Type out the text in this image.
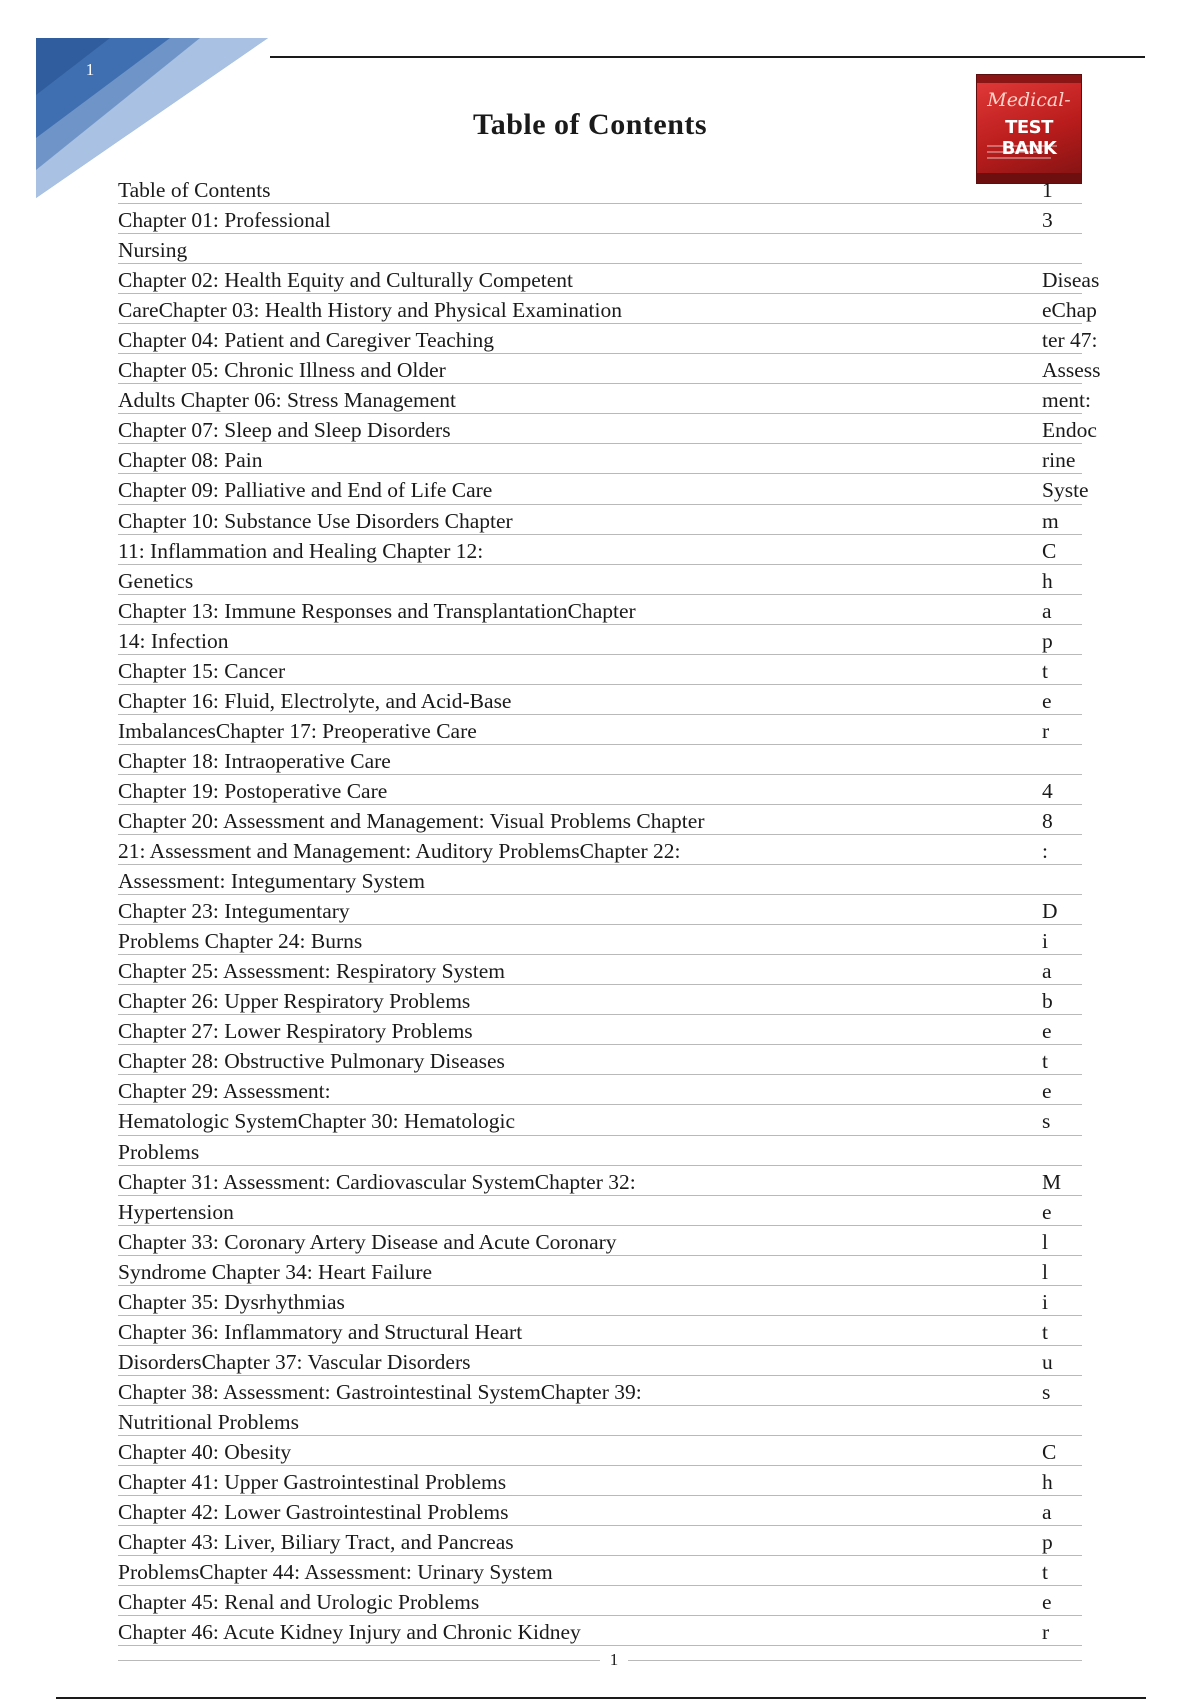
1
Table of Contents
Medical-
TEST BANK
Table of Contents	1
Chapter 01: Professional	3
Nursing
Chapter 02: Health Equity and Culturally Competent	Diseas
CareChapter 03: Health History and Physical Examination	eChap
Chapter 04: Patient and Caregiver Teaching	ter 47:
Chapter 05: Chronic Illness and Older	Assess
Adults Chapter 06: Stress Management	ment:
Chapter 07: Sleep and Sleep Disorders	Endoc
Chapter 08: Pain	rine
Chapter 09: Palliative and End of Life Care	Syste
Chapter 10: Substance Use Disorders Chapter	m
11: Inflammation and Healing Chapter 12:	C
Genetics	h
Chapter 13: Immune Responses and TransplantationChapter	a
14: Infection	p
Chapter 15: Cancer	t
Chapter 16: Fluid, Electrolyte, and Acid-Base	e
ImbalancesChapter 17: Preoperative Care	r
Chapter 18: Intraoperative Care
Chapter 19: Postoperative Care	4
Chapter 20: Assessment and Management: Visual Problems Chapter	8
21: Assessment and Management: Auditory ProblemsChapter 22:	:
Assessment: Integumentary System
Chapter 23: Integumentary	D
Problems Chapter 24: Burns	i
Chapter 25: Assessment: Respiratory System	a
Chapter 26: Upper Respiratory Problems	b
Chapter 27: Lower Respiratory Problems	e
Chapter 28: Obstructive Pulmonary Diseases	t
Chapter 29: Assessment:	e
Hematologic SystemChapter 30: Hematologic	s
Problems
Chapter 31: Assessment: Cardiovascular SystemChapter 32:	M
Hypertension	e
Chapter 33: Coronary Artery Disease and Acute Coronary	l
Syndrome Chapter 34: Heart Failure	l
Chapter 35: Dysrhythmias	i
Chapter 36: Inflammatory and Structural Heart	t
DisordersChapter 37: Vascular Disorders	u
Chapter 38: Assessment: Gastrointestinal SystemChapter 39:	s
Nutritional Problems
Chapter 40: Obesity	C
Chapter 41: Upper Gastrointestinal Problems	h
Chapter 42: Lower Gastrointestinal Problems	a
Chapter 43: Liver, Biliary Tract, and Pancreas	p
ProblemsChapter 44: Assessment: Urinary System	t
Chapter 45: Renal and Urologic Problems	e
Chapter 46: Acute Kidney Injury and Chronic Kidney	r
1
